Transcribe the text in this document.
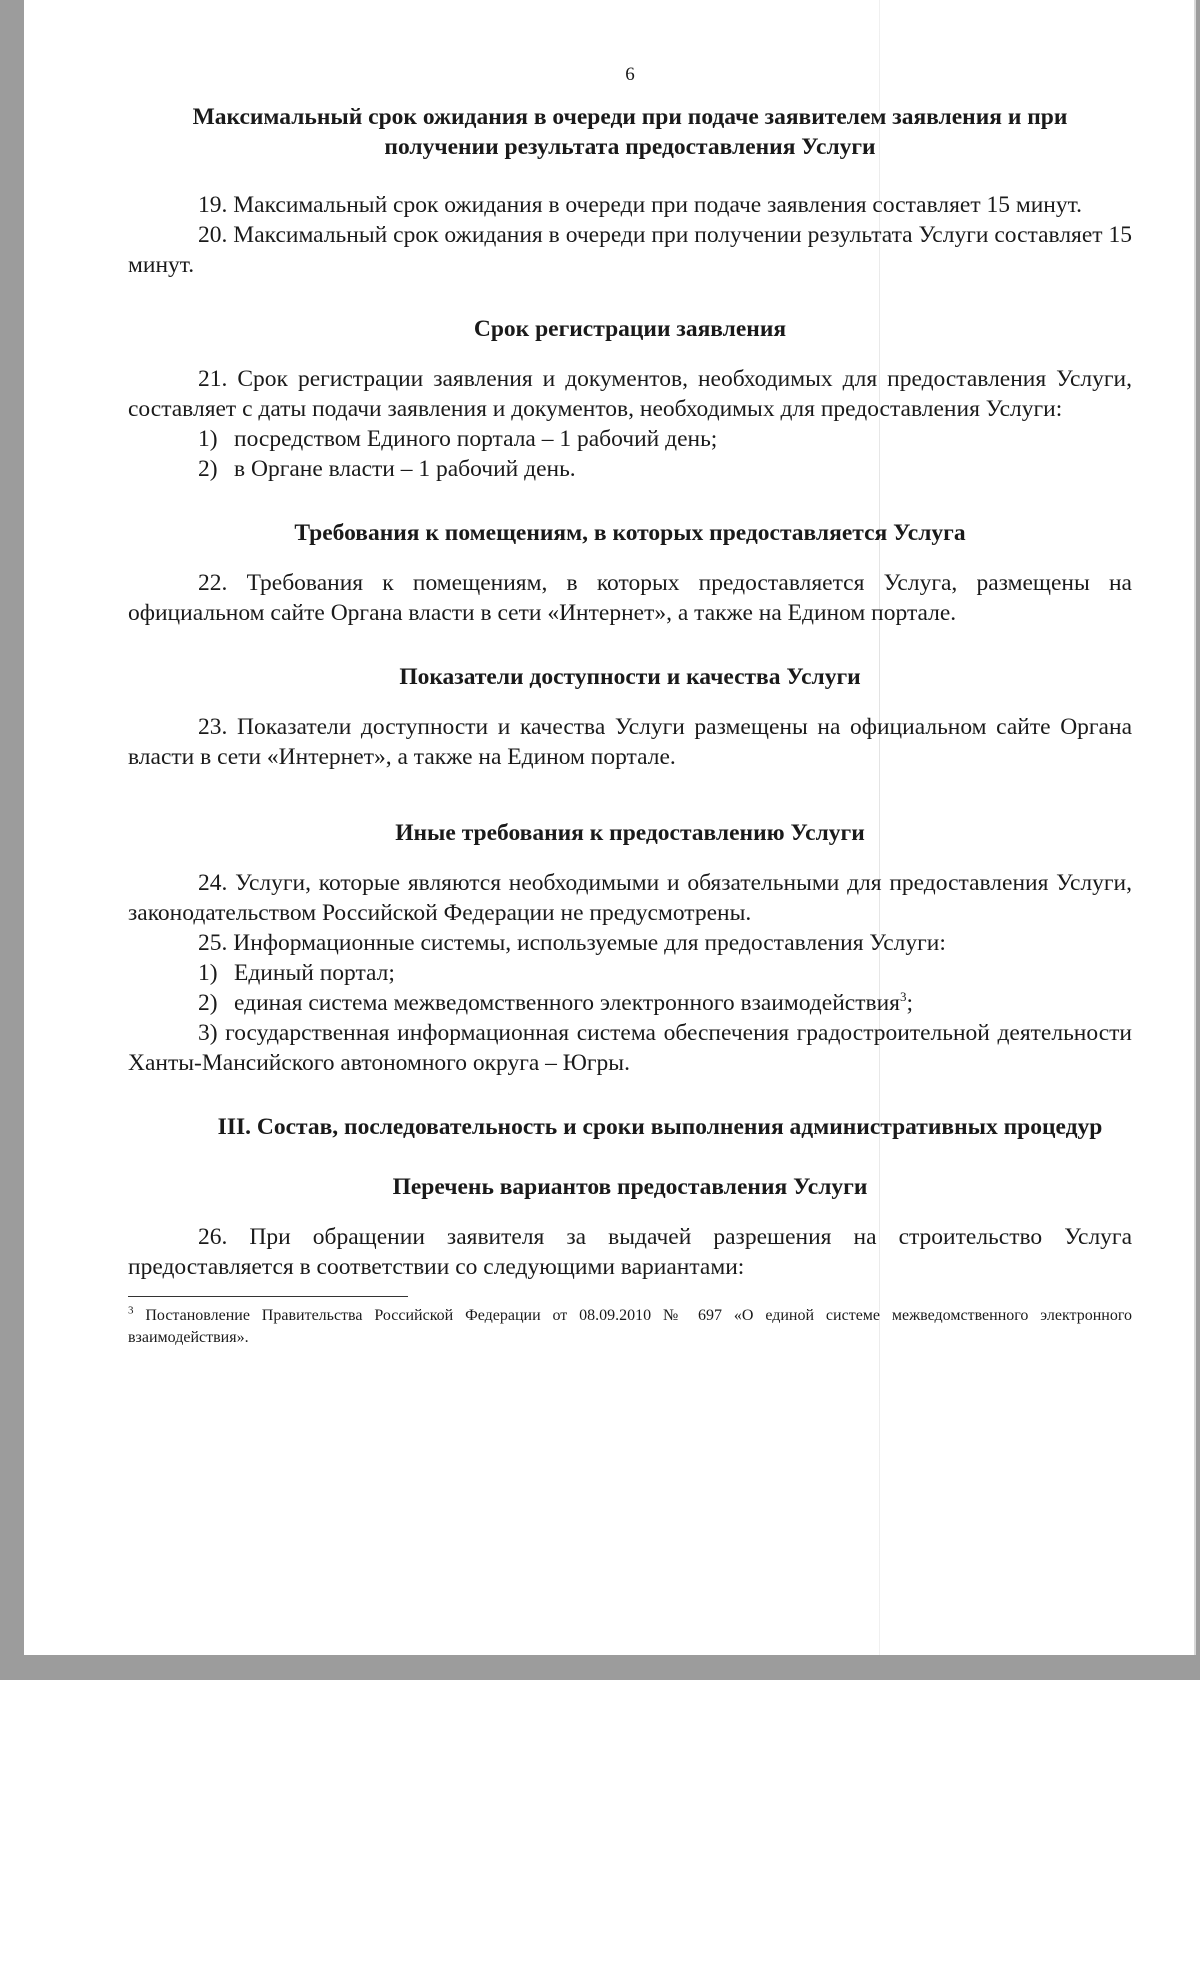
6
Максимальный срок ожидания в очереди при подаче заявителем заявления и при получении результата предоставления Услуги

19. Максимальный срок ожидания в очереди при подаче заявления составляет 15 минут.

20. Максимальный срок ожидания в очереди при получении результата Услуги составляет 15 минут.

Срок регистрации заявления

21. Срок регистрации заявления и документов, необходимых для предоставления Услуги, составляет с даты подачи заявления и документов, необходимых для предоставления Услуги:

1) посредством Единого портала – 1 рабочий день;

2) в Органе власти – 1 рабочий день.

Требования к помещениям, в которых предоставляется Услуга

22. Требования к помещениям, в которых предоставляется Услуга, размещены на официальном сайте Органа власти в сети «Интернет», а также на Едином портале.

Показатели доступности и качества Услуги

23. Показатели доступности и качества Услуги размещены на официальном сайте Органа власти в сети «Интернет», а также на Едином портале.

Иные требования к предоставлению Услуги

24. Услуги, которые являются необходимыми и обязательными для предоставления Услуги, законодательством Российской Федерации не предусмотрены.

25. Информационные системы, используемые для предоставления Услуги:

1) Единый портал;

2) единая система межведомственного электронного взаимодействия$^3$;

3) государственная информационная система обеспечения градостроительной деятельности Ханты-Мансийского автономного округа – Югры.

III. Состав, последовательность и сроки выполнения административных процедур
Перечень вариантов предоставления Услуги

26. При обращении заявителя за выдачей разрешения на строительство Услуга предоставляется в соответствии со следующими вариантами:

$^3$ Постановление Правительства Российской Федерации от 08.09.2010 № 697 «О единой системе межведомственного электронного взаимодействия».
